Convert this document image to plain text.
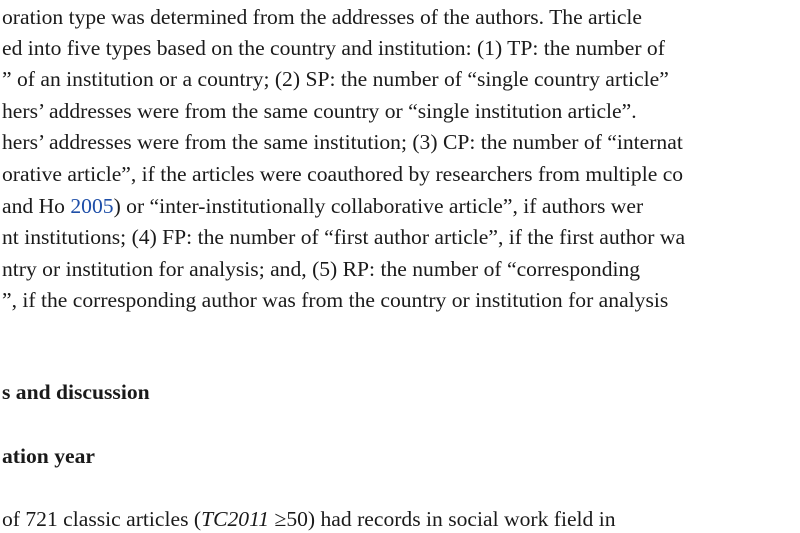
oration type was determined from the addresses of the authors. The article

ed into five types based on the country and institution: (1) TP: the number of

” of an institution or a country; (2) SP: the number of “single country article”

hers’ addresses were from the same country or “single institution article”.

hers’ addresses were from the same institution; (3) CP: the number of “internat

orative article”, if the articles were coauthored by researchers from multiple co

and Ho 2005) or “inter-institutionally collaborative article”, if authors wer

nt institutions; (4) FP: the number of “first author article”, if the first author wa

ntry or institution for analysis; and, (5) RP: the number of “corresponding

”, if the corresponding author was from the country or institution for analysis

s and discussion
ation year

of 721 classic articles (TC2011 ≥50) had records in social work field in
